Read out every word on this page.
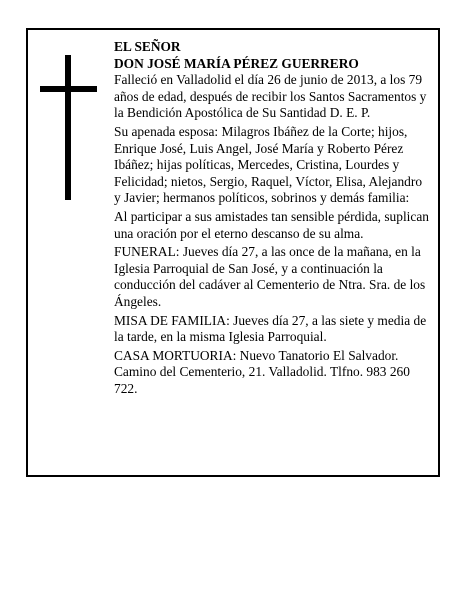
EL SEÑOR
DON JOSÉ MARÍA PÉREZ GUERRERO

Falleció en Valladolid el día 26 de junio de 2013, a los 79 años de edad, después de recibir los Santos Sacramentos y la Bendición Apostólica de Su Santidad D. E. P.

Su apenada esposa: Milagros Ibáñez de la Corte; hijos, Enrique José, Luis Angel, José María y Roberto Pérez Ibáñez; hijas políticas, Mercedes, Cristina, Lourdes y Felicidad; nietos, Sergio, Raquel, Víctor, Elisa, Alejandro y Javier; hermanos políticos, sobrinos y demás familia:

Al participar a sus amistades tan sensible pérdida, suplican una oración por el eterno descanso de su alma.

FUNERAL: Jueves día 27, a las once de la mañana, en la Iglesia Parroquial de San José, y a continuación la conducción del cadáver al Cementerio de Ntra. Sra. de los Ángeles.

MISA DE FAMILIA: Jueves día 27, a las siete y media de la tarde, en la misma Iglesia Parroquial.

CASA MORTUORIA: Nuevo Tanatorio El Salvador. Camino del Cementerio, 21. Valladolid. Tlfno. 983 260 722.
